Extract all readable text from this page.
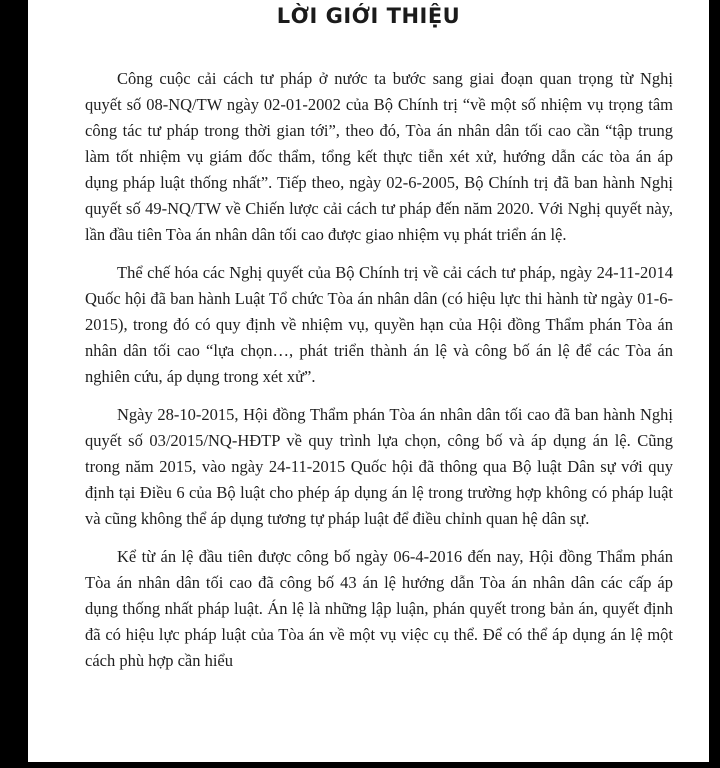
LỜI GIỚI THIỆU

Công cuộc cải cách tư pháp ở nước ta bước sang giai đoạn quan trọng từ Nghị quyết số 08-NQ/TW ngày 02-01-2002 của Bộ Chính trị “về một số nhiệm vụ trọng tâm công tác tư pháp trong thời gian tới”, theo đó, Tòa án nhân dân tối cao cần “tập trung làm tốt nhiệm vụ giám đốc thẩm, tổng kết thực tiễn xét xử, hướng dẫn các tòa án áp dụng pháp luật thống nhất”. Tiếp theo, ngày 02-6-2005, Bộ Chính trị đã ban hành Nghị quyết số 49-NQ/TW về Chiến lược cải cách tư pháp đến năm 2020. Với Nghị quyết này, lần đầu tiên Tòa án nhân dân tối cao được giao nhiệm vụ phát triển án lệ.

Thể chế hóa các Nghị quyết của Bộ Chính trị về cải cách tư pháp, ngày 24-11-2014 Quốc hội đã ban hành Luật Tổ chức Tòa án nhân dân (có hiệu lực thi hành từ ngày 01-6-2015), trong đó có quy định về nhiệm vụ, quyền hạn của Hội đồng Thẩm phán Tòa án nhân dân tối cao “lựa chọn…, phát triển thành án lệ và công bố án lệ để các Tòa án nghiên cứu, áp dụng trong xét xử”.

Ngày 28-10-2015, Hội đồng Thẩm phán Tòa án nhân dân tối cao đã ban hành Nghị quyết số 03/2015/NQ-HĐTP về quy trình lựa chọn, công bố và áp dụng án lệ. Cũng trong năm 2015, vào ngày 24-11-2015 Quốc hội đã thông qua Bộ luật Dân sự với quy định tại Điều 6 của Bộ luật cho phép áp dụng án lệ trong trường hợp không có pháp luật và cũng không thể áp dụng tương tự pháp luật để điều chỉnh quan hệ dân sự.

Kể từ án lệ đầu tiên được công bố ngày 06-4-2016 đến nay, Hội đồng Thẩm phán Tòa án nhân dân tối cao đã công bố 43 án lệ hướng dẫn Tòa án nhân dân các cấp áp dụng thống nhất pháp luật. Án lệ là những lập luận, phán quyết trong bản án, quyết định đã có hiệu lực pháp luật của Tòa án về một vụ việc cụ thể. Để có thể áp dụng án lệ một cách phù hợp cần hiểu
